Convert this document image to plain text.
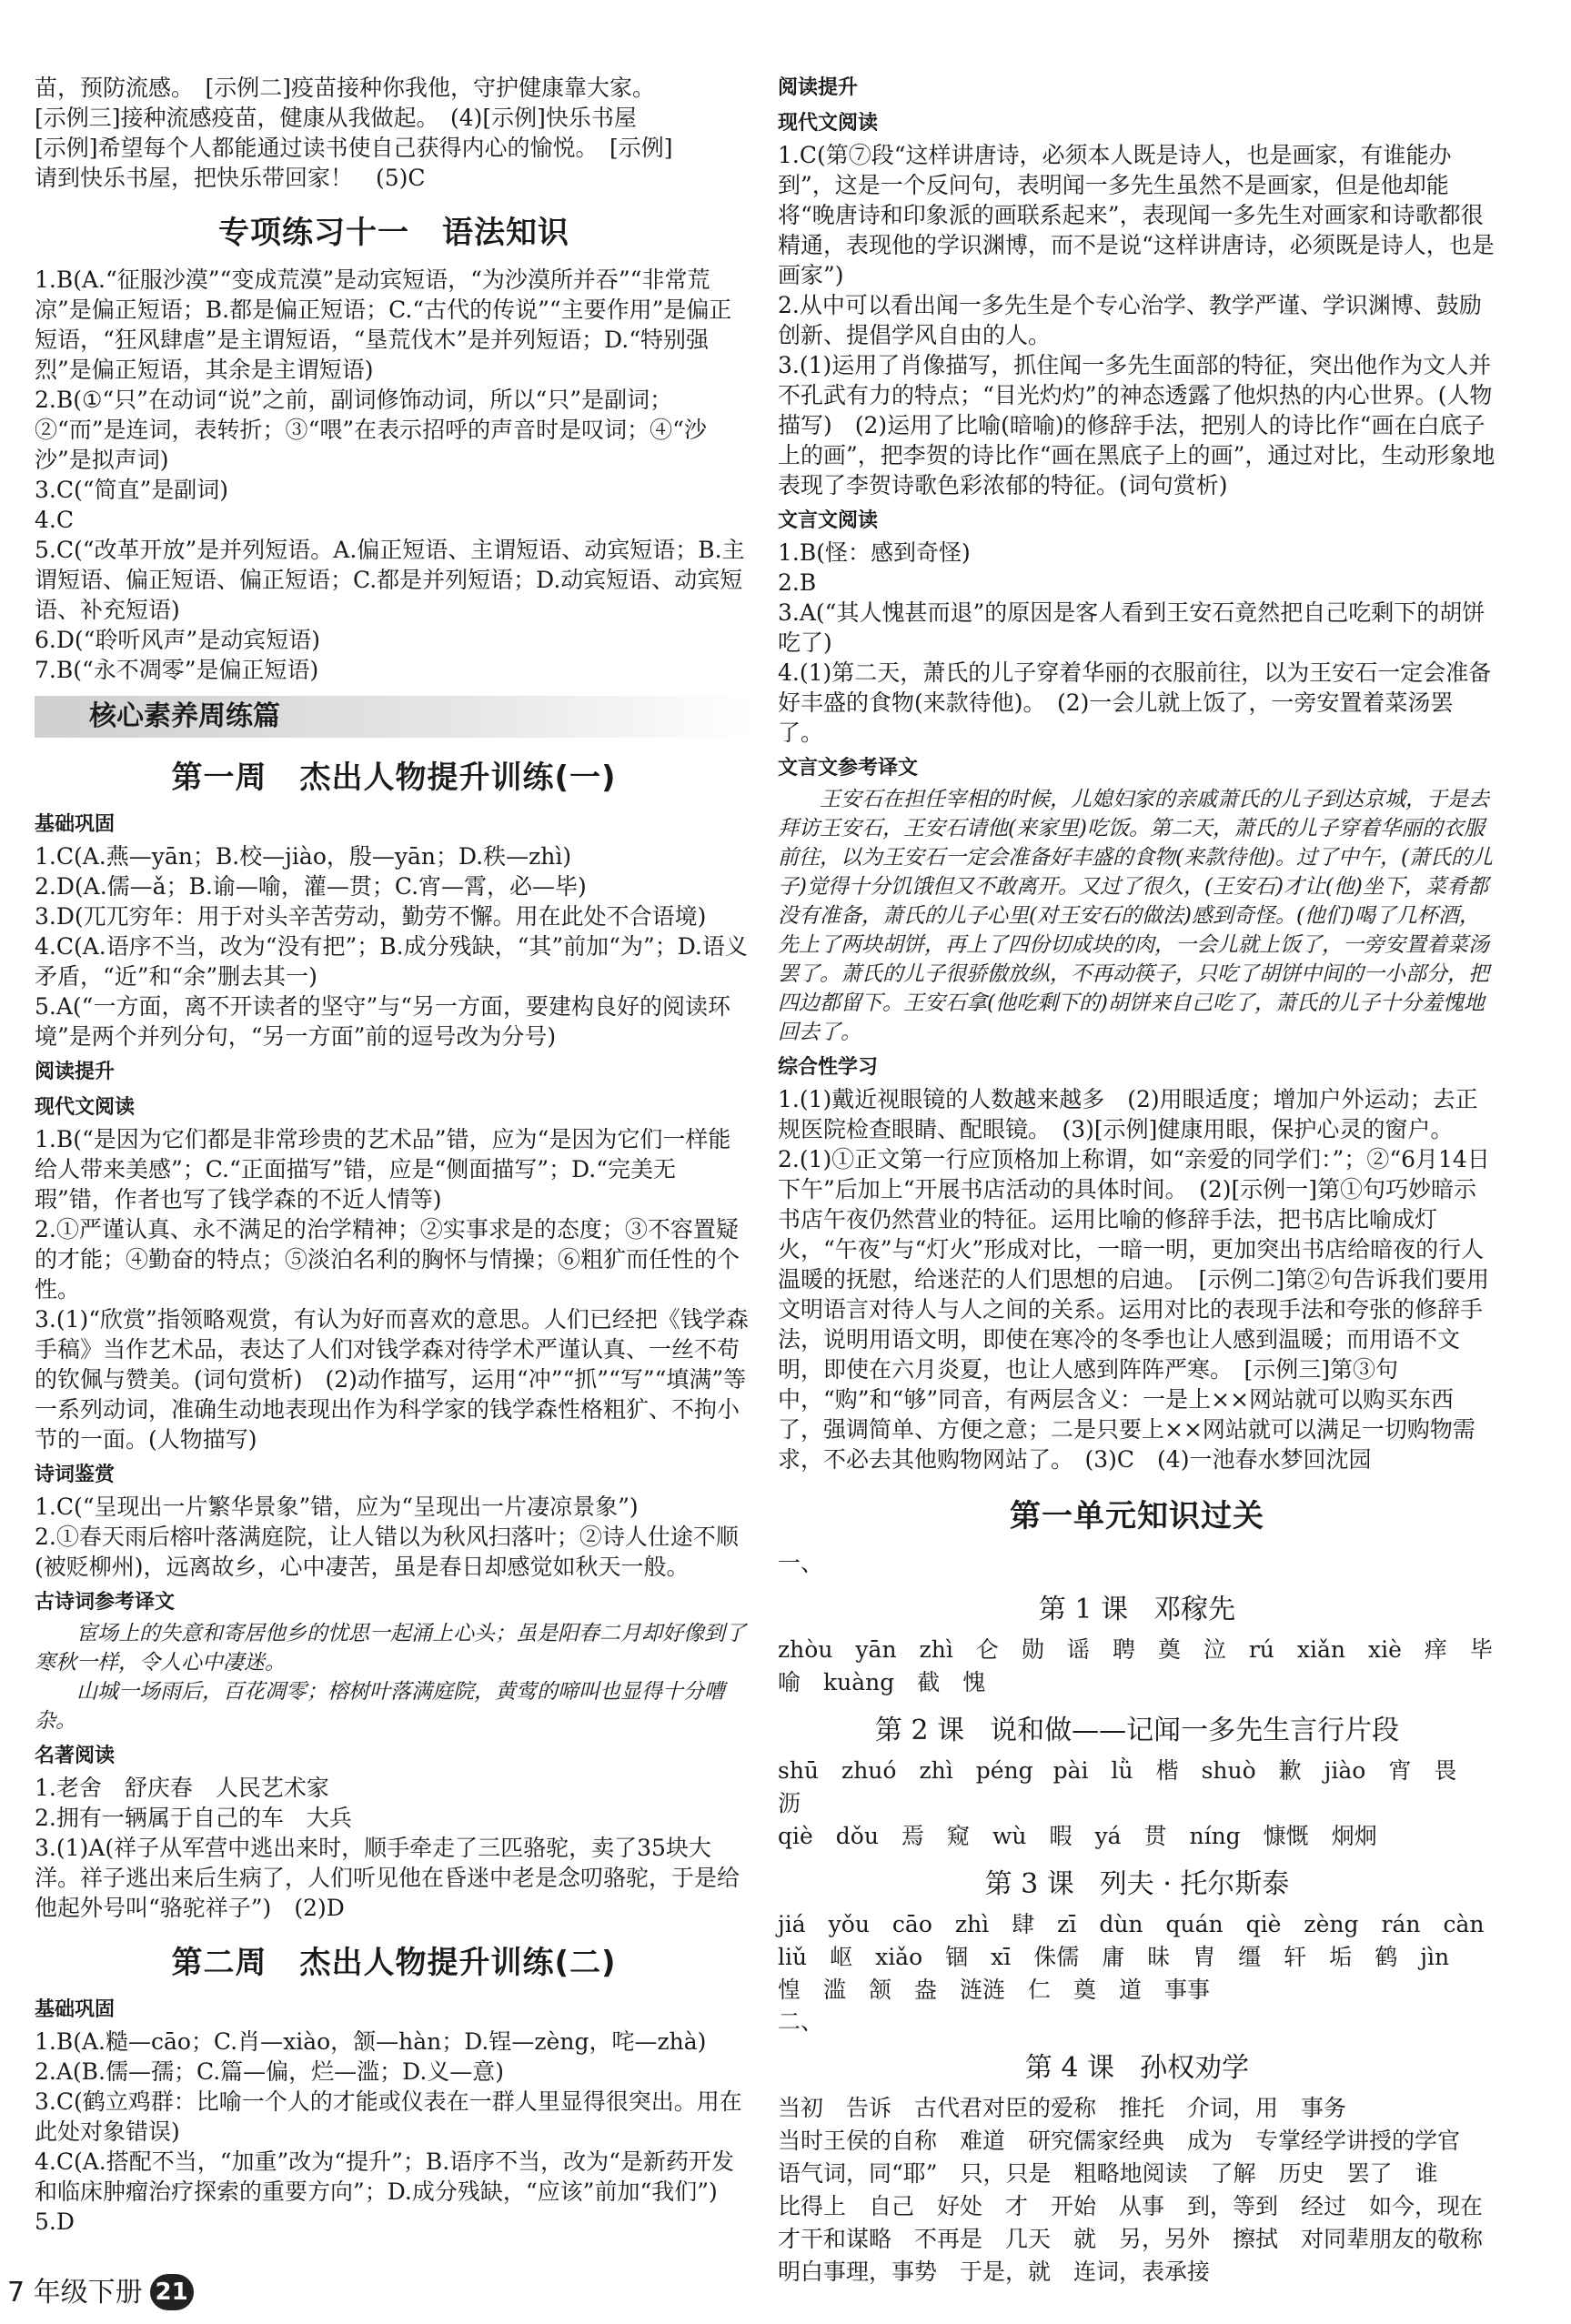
苗，预防流感。　[示例二]疫苗接种你我他，守护健康靠大家。

[示例三]接种流感疫苗，健康从我做起。　(4)[示例]快乐书屋

[示例]希望每个人都能通过读书使自己获得内心的愉悦。　[示例]

请到快乐书屋，把快乐带回家！　(5)C

专项练习十一 语法知识

1.B(A.“征服沙漠”“变成荒漠”是动宾短语，“为沙漠所并吞”“非常荒凉”是偏正短语；B.都是偏正短语；C.“古代的传说”“主要作用”是偏正短语，“狂风肆虐”是主谓短语，“垦荒伐木”是并列短语；D.“特别强烈”是偏正短语，其余是主谓短语)

2.B(①“只”在动词“说”之前，副词修饰动词，所以“只”是副词；②“而”是连词，表转折；③“喂”在表示招呼的声音时是叹词；④“沙沙”是拟声词)

3.C(“简直”是副词)

4.C

5.C(“改革开放”是并列短语。A.偏正短语、主谓短语、动宾短语；B.主谓短语、偏正短语、偏正短语；C.都是并列短语；D.动宾短语、动宾短语、补充短语)

6.D(“聆听风声”是动宾短语)

7.B(“永不凋零”是偏正短语)

核心素养周练篇
第一周 杰出人物提升训练(一)
基础巩固

1.C(A.燕—yān；B.校—jiào，殷—yān；D.秩—zhì)

2.D(A.儒—ǎ；B.谕—喻，灌—贯；C.宵—霄，必—毕)

3.D(兀兀穷年：用于对头辛苦劳动，勤劳不懈。用在此处不合语境)

4.C(A.语序不当，改为“没有把”；B.成分残缺，“其”前加“为”；D.语义矛盾，“近”和“余”删去其一)

5.A(“一方面，离不开读者的坚守”与“另一方面，要建构良好的阅读环境”是两个并列分句，“另一方面”前的逗号改为分号)

阅读提升
现代文阅读

1.B(“是因为它们都是非常珍贵的艺术品”错，应为“是因为它们一样能给人带来美感”；C.“正面描写”错，应是“侧面描写”；D.“完美无瑕”错，作者也写了钱学森的不近人情等)

2.①严谨认真、永不满足的治学精神；②实事求是的态度；③不容置疑的才能；④勤奋的特点；⑤淡泊名利的胸怀与情操；⑥粗犷而任性的个性。

3.(1)“欣赏”指领略观赏，有认为好而喜欢的意思。人们已经把《钱学森手稿》当作艺术品，表达了人们对钱学森对待学术严谨认真、一丝不苟的钦佩与赞美。(词句赏析)　(2)动作描写，运用“冲”“抓”“写”“填满”等一系列动词，准确生动地表现出作为科学家的钱学森性格粗犷、不拘小节的一面。(人物描写)

诗词鉴赏

1.C(“呈现出一片繁华景象”错，应为“呈现出一片凄凉景象”)

2.①春天雨后榕叶落满庭院，让人错以为秋风扫落叶；②诗人仕途不顺(被贬柳州)，远离故乡，心中凄苦，虽是春日却感觉如秋天一般。

古诗词参考译文

宦场上的失意和寄居他乡的忧思一起涌上心头；虽是阳春二月却好像到了寒秋一样，令人心中凄迷。

山城一场雨后，百花凋零；榕树叶落满庭院，黄莺的啼叫也显得十分嘈杂。

名著阅读

1.老舍　舒庆春　人民艺术家

2.拥有一辆属于自己的车　大兵

3.(1)A(祥子从军营中逃出来时，顺手牵走了三匹骆驼，卖了35块大洋。祥子逃出来后生病了，人们听见他在昏迷中老是念叨骆驼，于是给他起外号叫“骆驼祥子”)　(2)D

第二周 杰出人物提升训练(二)
基础巩固

1.B(A.糙—cāo；C.肖—xiào，颔—hàn；D.锃—zèng，咤—zhà)

2.A(B.儒—孺；C.篇—偏，烂—滥；D.义—意)

3.C(鹤立鸡群：比喻一个人的才能或仪表在一群人里显得很突出。用在此处对象错误)

4.C(A.搭配不当，“加重”改为“提升”；B.语序不当，改为“是新药开发和临床肿瘤治疗探索的重要方向”；D.成分残缺，“应该”前加“我们”)

5.D

阅读提升
现代文阅读

1.C(第⑦段“这样讲唐诗，必须本人既是诗人，也是画家，有谁能办到”，这是一个反问句，表明闻一多先生虽然不是画家，但是他却能将“晚唐诗和印象派的画联系起来”，表现闻一多先生对画家和诗歌都很精通，表现他的学识渊博，而不是说“这样讲唐诗，必须既是诗人，也是画家”)

2.从中可以看出闻一多先生是个专心治学、教学严谨、学识渊博、鼓励创新、提倡学风自由的人。

3.(1)运用了肖像描写，抓住闻一多先生面部的特征，突出他作为文人并不孔武有力的特点；“目光灼灼”的神态透露了他炽热的内心世界。(人物描写)　(2)运用了比喻(暗喻)的修辞手法，把别人的诗比作“画在白底子上的画”，把李贺的诗比作“画在黑底子上的画”，通过对比，生动形象地表现了李贺诗歌色彩浓郁的特征。(词句赏析)

文言文阅读

1.B(怪：感到奇怪)

2.B

3.A(“其人愧甚而退”的原因是客人看到王安石竟然把自己吃剩下的胡饼吃了)

4.(1)第二天，萧氏的儿子穿着华丽的衣服前往，以为王安石一定会准备好丰盛的食物(来款待他)。　(2)一会儿就上饭了，一旁安置着菜汤罢了。

文言文参考译文

王安石在担任宰相的时候，儿媳妇家的亲戚萧氏的儿子到达京城，于是去拜访王安石，王安石请他(来家里)吃饭。第二天，萧氏的儿子穿着华丽的衣服前往，以为王安石一定会准备好丰盛的食物(来款待他)。过了中午，(萧氏的儿子)觉得十分饥饿但又不敢离开。又过了很久，(王安石)才让(他)坐下，菜肴都没有准备，萧氏的儿子心里(对王安石的做法)感到奇怪。(他们)喝了几杯酒，先上了两块胡饼，再上了四份切成块的肉，一会儿就上饭了，一旁安置着菜汤罢了。萧氏的儿子很骄傲放纵，不再动筷子，只吃了胡饼中间的一小部分，把四边都留下。王安石拿(他吃剩下的)胡饼来自己吃了，萧氏的儿子十分羞愧地回去了。

综合性学习

1.(1)戴近视眼镜的人数越来越多　(2)用眼适度；增加户外运动；去正规医院检查眼睛、配眼镜。　(3)[示例]健康用眼，保护心灵的窗户。

2.(1)①正文第一行应顶格加上称谓，如“亲爱的同学们：”；②“6月14日下午”后加上“开展书店活动的具体时间。　(2)[示例一]第①句巧妙暗示书店午夜仍然营业的特征。运用比喻的修辞手法，把书店比喻成灯火，“午夜”与“灯火”形成对比，一暗一明，更加突出书店给暗夜的行人温暖的抚慰，给迷茫的人们思想的启迪。　[示例二]第②句告诉我们要用文明语言对待人与人之间的关系。运用对比的表现手法和夸张的修辞手法，说明用语文明，即使在寒冷的冬季也让人感到温暖；而用语不文明，即使在六月炎夏，也让人感到阵阵严寒。　[示例三]第③句中，“购”和“够”同音，有两层含义：一是上××网站就可以购买东西了，强调简单、方便之意；二是只要上××网站就可以满足一切购物需求，不必去其他购物网站了。　(3)C　(4)一池春水梦回沈园

第一单元知识过关

一、

第 1 课 邓稼先

zhòu　yān　zhì　仑　勋　谣　聘　奠　泣　rú　xiǎn　xiè　痒　毕

喻　kuàng　截　愧

第 2 课 说和做——记闻一多先生言行片段

shū　zhuó　zhì　péng pài　lǜ　楷　shuò　歉　jiào　宵　畏　沥

qiè　dǒu　焉　窥　wù　暇　yá　贯　níng　慷慨　炯炯

第 3 课 列夫 · 托尔斯泰

jiá　yǒu　cāo　zhì　肆　zī　dùn　quán　qiè　zèng　rán　càn

liǔ　岖　xiǎo　锢　xī　侏儒　庸　昧　胄　缰　轩　垢　鹤　jìn

惶　滥　颔　盎　涟涟　仁　奠　道　事事

二、

第 4 课 孙权劝学

当初　告诉　古代君对臣的爱称　推托　介词，用　事务

当时王侯的自称　难道　研究儒家经典　成为　专掌经学讲授的学官

语气词，同“耶”　只，只是　粗略地阅读　了解　历史　罢了　谁

比得上　自己　好处　才　开始　从事　到，等到　经过　如今，现在

才干和谋略　不再是　几天　就　另，另外　擦拭　对同辈朋友的敬称

明白事理，事势　于是，就　连词，表承接

7 年级下册 21
